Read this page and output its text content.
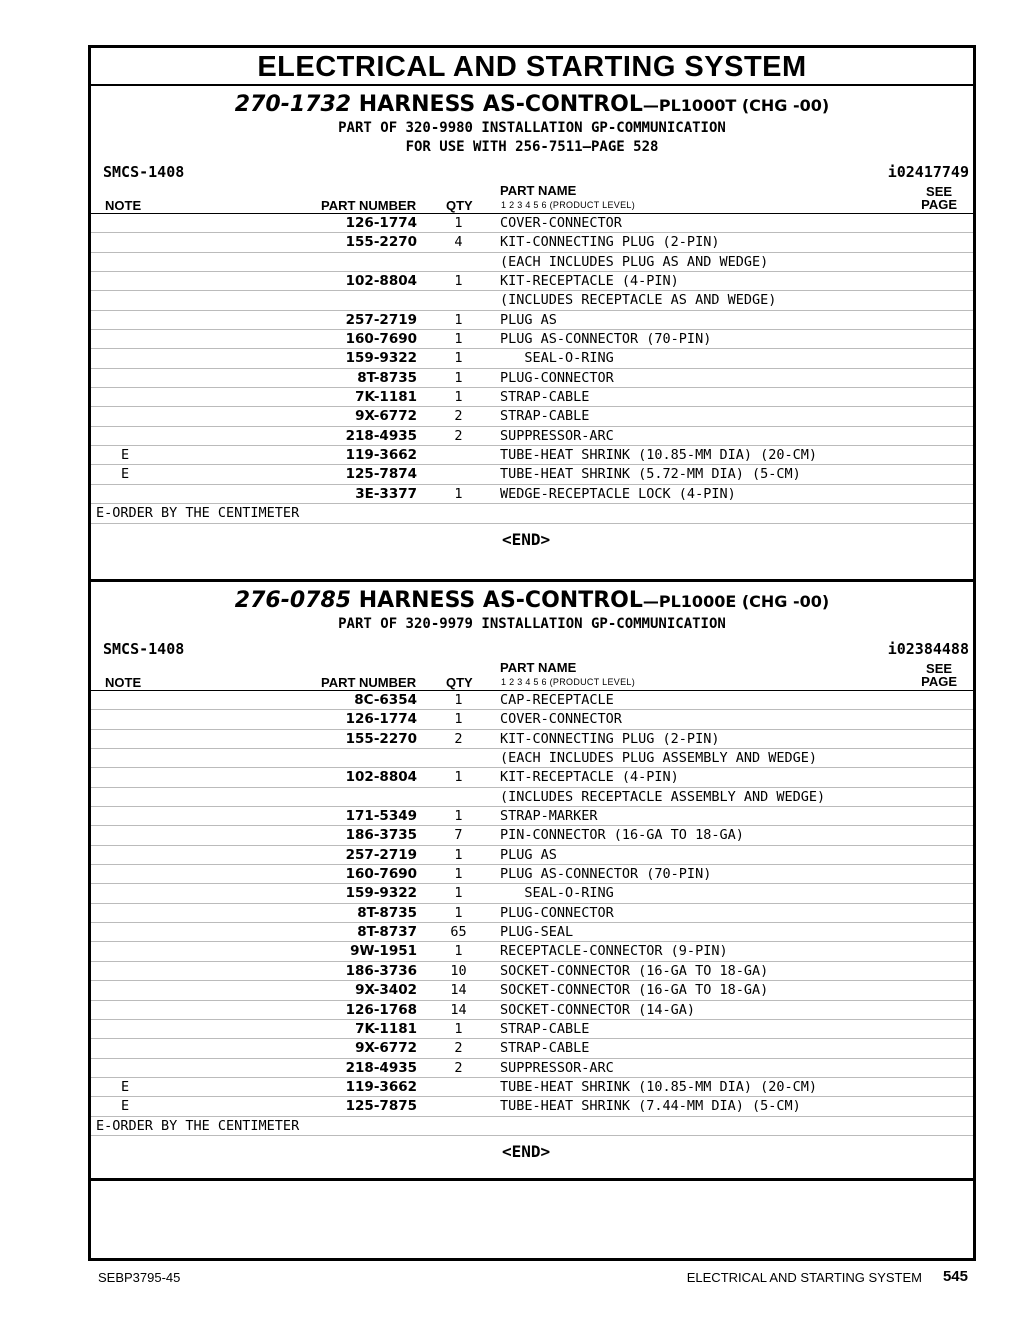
ELECTRICAL AND STARTING SYSTEM
270-1732 HARNESS AS-CONTROL—PL1000T (CHG -00)
PART OF 320-9980 INSTALLATION GP-COMMUNICATION
FOR USE WITH 256-7511—PAGE 528
SMCS-1408	i02417749
NOTE	PART NUMBER QTY
PART NAME
1 2 3 4 5 6 (PRODUCT LEVEL)
SEE
PAGE
126-1774	1	COVER-CONNECTOR
155-2270	4	KIT-CONNECTING PLUG (2-PIN)
(EACH INCLUDES PLUG AS AND WEDGE)
102-8804	1	KIT-RECEPTACLE (4-PIN)
(INCLUDES RECEPTACLE AS AND WEDGE)
257-2719	1	PLUG AS
160-7690	1	PLUG AS-CONNECTOR (70-PIN)
159-9322	1	SEAL-O-RING
8T-8735	1	PLUG-CONNECTOR
7K-1181	1	STRAP-CABLE
9X-6772	2	STRAP-CABLE
218-4935	2	SUPPRESSOR-ARC
E	119-3662	TUBE-HEAT SHRINK (10.85-MM DIA) (20-CM)
E	125-7874	TUBE-HEAT SHRINK (5.72-MM DIA) (5-CM)
3E-3377	1	WEDGE-RECEPTACLE LOCK (4-PIN)
E-ORDER BY THE CENTIMETER
<END>
276-0785 HARNESS AS-CONTROL—PL1000E (CHG -00)
PART OF 320-9979 INSTALLATION GP-COMMUNICATION
SMCS-1408	i02384488
NOTE	PART NUMBER QTY
PART NAME
1 2 3 4 5 6 (PRODUCT LEVEL)
SEE
PAGE
8C-6354	1	CAP-RECEPTACLE
126-1774	1	COVER-CONNECTOR
155-2270	2	KIT-CONNECTING PLUG (2-PIN)
(EACH INCLUDES PLUG ASSEMBLY AND WEDGE)
102-8804	1	KIT-RECEPTACLE (4-PIN)
(INCLUDES RECEPTACLE ASSEMBLY AND WEDGE)
171-5349	1	STRAP-MARKER
186-3735	7	PIN-CONNECTOR (16-GA TO 18-GA)
257-2719	1	PLUG AS
160-7690	1	PLUG AS-CONNECTOR (70-PIN)
159-9322	1	SEAL-O-RING
8T-8735	1	PLUG-CONNECTOR
8T-8737	65	PLUG-SEAL
9W-1951	1	RECEPTACLE-CONNECTOR (9-PIN)
186-3736	10	SOCKET-CONNECTOR (16-GA TO 18-GA)
9X-3402	14	SOCKET-CONNECTOR (16-GA TO 18-GA)
126-1768	14	SOCKET-CONNECTOR (14-GA)
7K-1181	1	STRAP-CABLE
9X-6772	2	STRAP-CABLE
218-4935	2	SUPPRESSOR-ARC
E	119-3662	TUBE-HEAT SHRINK (10.85-MM DIA) (20-CM)
E	125-7875	TUBE-HEAT SHRINK (7.44-MM DIA) (5-CM)
E-ORDER BY THE CENTIMETER
<END>
SEBP3795-45	ELECTRICAL AND STARTING SYSTEM 545
